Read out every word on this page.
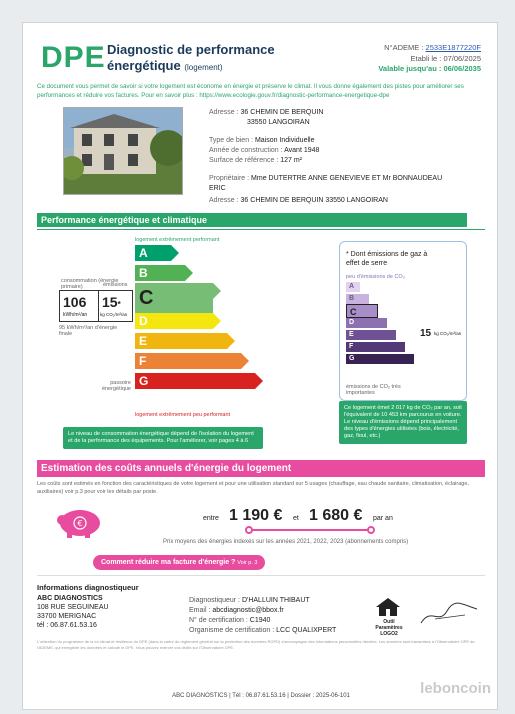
DPE Diagnostic de performance
énergétique (logement)
N°ADEME : 2533E1877220F
Etabli le : 07/06/2025
Valable jusqu'au : 06/06/2035
Ce document vous permet de savoir si votre logement est économe en énergie et préserve le climat. Il vous donne également des pistes pour améliorer ses performances et réduire vos factures. Pour en savoir plus : https://www.ecologie.gouv.fr/diagnostic-performance-energetique-dpe
Adresse : 36 CHEMIN DE BERQUIN
33550 LANGOIRAN
Type de bien : Maison Individuelle
Année de construction : Avant 1948
Surface de référence : 127 m²
Propriétaire : Mme DUTERTRE ANNE GENEVIEVE ET Mr BONNAUDEAU
ERIC
Adresse : 36 CHEMIN DE BERQUIN 33550 LANGOIRAN
Performance énergétique et climatique
logement extrêmement performant
consommation (énergie primaire)	émissions
106
kWh/m²/an
15*
kg CO₂/m²/an
95 kWh/m²/an d'énergie finale
passoire énergétique
A
B
C
D
E
F
G
logement extrêmement peu performant
Le niveau de consommation énergétique dépend de l'isolation du logement et de la performance des équipements. Pour l'améliorer, voir pages 4 à 6
* Dont émissions de gaz à effet de serre
peu d'émissions de CO₂
A
B
C
D
E
F
G
15 kg CO₂/m²/an
émissions de CO₂ très importantes
Ce logement émet 2 017 kg de CO₂ par an, soit l'équivalent de 10 453 km parcourus en voiture. Le niveau d'émissions dépend principalement des types d'énergies utilisées (bois, électricité, gaz, fioul, etc.)
Estimation des coûts annuels d'énergie du logement
Les coûts sont estimés en fonction des caractéristiques de votre logement et pour une utilisation standard sur 5 usages (chauffage, eau chaude sanitaire, climatisation, éclairage, auxiliaires) voir p.3 pour voir les détails par poste.
€
entre 1 190 € et 1 680 € par an
Prix moyens des énergies indexés sur les années 2021, 2022, 2023 (abonnements compris)
Comment réduire ma facture d'énergie ? Voir p. 3
Informations diagnostiqueur
ABC DIAGNOSTICS
108 RUE SEGUINEAU
33700 MERIGNAC
tél : 06.87.61.53.16
Diagnostiqueur : D'HALLUIN THIBAUT
Email : abcdiagnostic@bbox.fr
N° de certification : C1940
Organisme de certification : LCC QUALIXPERT
Outil Paramètres LOGO2
L'obtention du programme de la loi climat et résilience du DPE (dans la cadre du règlement général sur la protection des données RGPD) s'accompagne des informations personnelles décrites. Les données sont transmises à l'Observatoire DPE de l'ADEME, qui enregistre les données et calcule le DPE. Vous pouvez exercer vos droits sur l'Observatoire DPE.
ABC DIAGNOSTICS | Tél : 06.87.61.53.16 | Dossier : 2025-06-101	leboncoin
